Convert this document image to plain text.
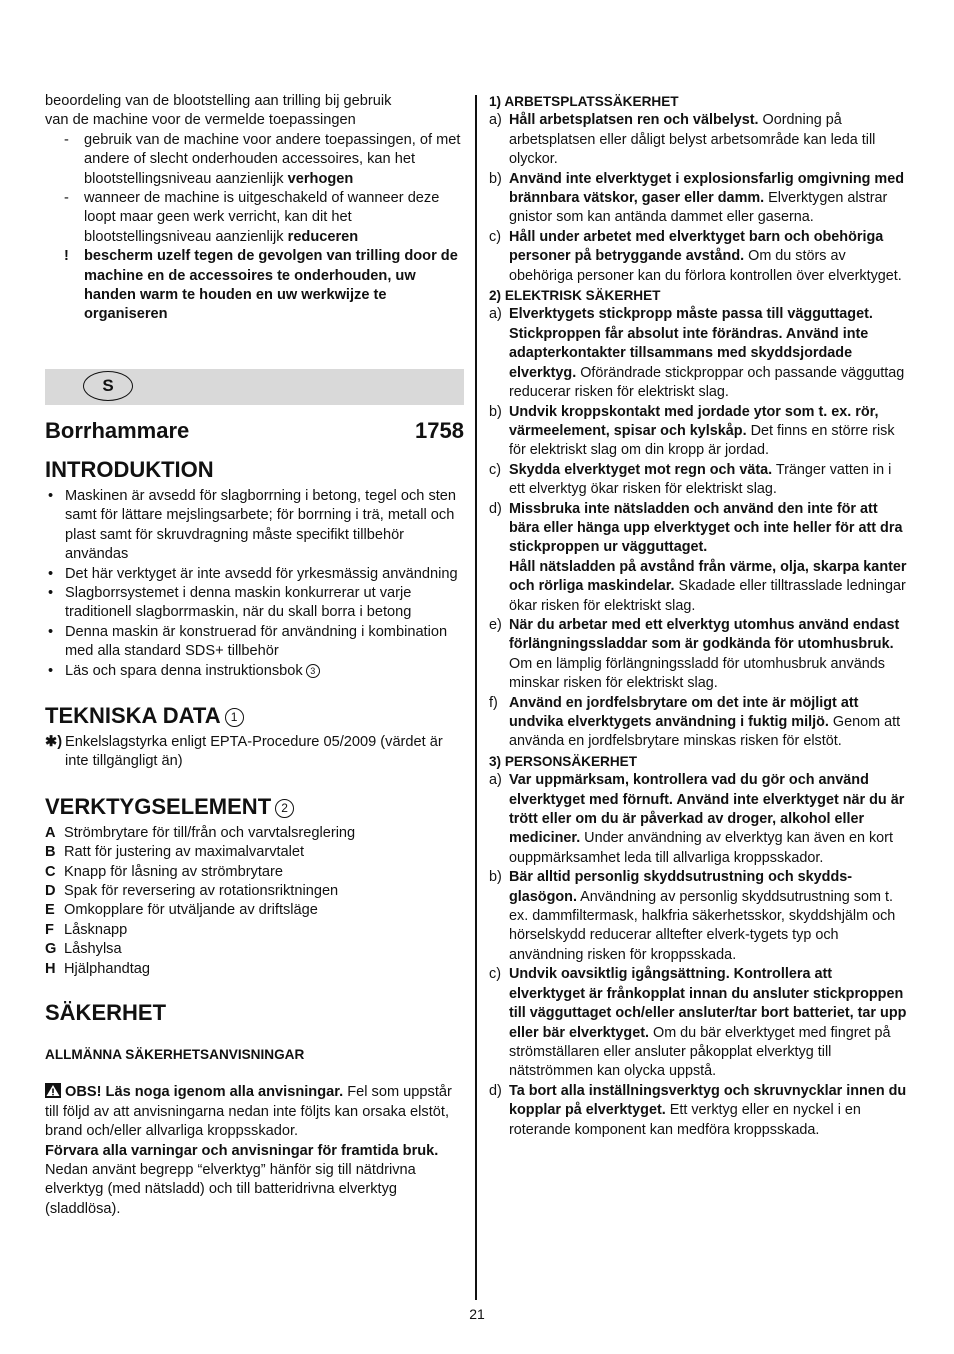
beoordeling van de blootstelling aan trilling bij gebruik
van de machine voor de vermelde toepassingen

-	gebruik van de machine voor andere toepassingen, of met andere of slecht onderhouden accessoires, kan het blootstellingsniveau aanzienlijk verhogen
-	wanneer de machine is uitgeschakeld of wanneer deze loopt maar geen werk verricht, kan dit het blootstellingsniveau aanzienlijk reduceren
!	bescherm uzelf tegen de gevolgen van trilling door de machine en de accessoires te onderhouden, uw handen warm te houden en uw werkwijze te organiseren
S
Borrhammare	1758
INTRODUKTION
• Maskinen är avsedd för slagborrning i betong, tegel och sten samt för lättare mejslingsarbete; för borrning i trä, metall och plast samt för skruvdragning måste specifikt tillbehör användas
• Det här verktyget är inte avsedd för yrkesmässig användning
• Slagborrsystemet i denna maskin konkurrerar ut varje traditionell slagborrmaskin, när du skall borra i betong
• Denna maskin är konstruerad för användning i kombination med alla standard SDS+ tillbehör
• Läs och spara denna instruktionsbok 3
TEKNISKA DATA 1
✱) Enkelslagstyrka enligt EPTA-Procedure 05/2009 (värdet är inte tillgängligt än)
VERKTYGSELEMENT 2
A Strömbrytare för till/från och varvtalsreglering
B Ratt för justering av maximalvarvtalet
C Knapp för låsning av strömbrytare
D Spak för reversering av rotationsriktningen
E Omkopplare för utväljande av driftsläge
F Låsknapp
G Låshylsa
H Hjälphandtag
SÄKERHET

ALLMÄNNA SÄKERHETSANVISNINGAR

OBS! Läs noga igenom alla anvisningar. Fel som uppstår till följd av att anvisningarna nedan inte följts kan orsaka elstöt, brand och/eller allvarliga kroppsskador.

Förvara alla varningar och anvisningar för framtida bruk. Nedan använt begrepp “elverktyg” hänför sig till nätdrivna elverktyg (med nätsladd) och till batteridrivna elverktyg (sladdlösa).

1) ARBETSPLATSSÄKERHET

a) Håll arbetsplatsen ren och välbelyst. Oordning på arbetsplatsen eller dåligt belyst arbetsområde kan leda till olyckor.
b) Använd inte elverktyget i explosionsfarlig omgivning med brännbara vätskor, gaser eller damm. Elverktygen alstrar gnistor som kan antända dammet eller gaserna.
c) Håll under arbetet med elverktyget barn och obehöriga personer på betryggande avstånd. Om du störs av obehöriga personer kan du förlora kontrollen över elverktyget.

2) ELEKTRISK SÄKERHET

a) Elverktygets stickpropp måste passa till vägguttaget. Stickproppen får absolut inte förändras. Använd inte adapterkontakter tillsammans med skyddsjordade elverktyg. Oförändrade stickproppar och passande vägguttag reducerar risken för elektriskt slag.
b) Undvik kroppskontakt med jordade ytor som t. ex. rör, värmeelement, spisar och kylskåp. Det finns en större risk för elektriskt slag om din kropp är jordad.
c) Skydda elverktyget mot regn och väta. Tränger vatten in i ett elverktyg ökar risken för elektriskt slag.
d) Missbruka inte nätsladden och använd den inte för att bära eller hänga upp elverktyget och inte heller för att dra stickproppen ur vägguttaget.
Håll nätsladden på avstånd från värme, olja, skarpa kanter och rörliga maskindelar. Skadade eller tilltrasslade ledningar ökar risken för elektriskt slag.
e) När du arbetar med ett elverktyg utomhus använd endast förlängningssladdar som är godkända för utomhusbruk. Om en lämplig förlängningssladd för utomhusbruk används minskar risken för elektriskt slag.
f) Använd en jordfelsbrytare om det inte är möjligt att undvika elverktygets användning i fuktig miljö. Genom att använda en jordfelsbrytare minskas risken för elstöt.

3) PERSONSÄKERHET

a) Var uppmärksam, kontrollera vad du gör och använd elverktyget med förnuft. Använd inte elverktyget när du är trött eller om du är påverkad av droger, alkohol eller mediciner. Under användning av elverktyg kan även en kort ouppmärksamhet leda till allvarliga kroppsskador.
b) Bär alltid personlig skyddsutrustning och skydds-glasögon. Användning av personlig skyddsutrustning som t. ex. dammfiltermask, halkfria säkerhetsskor, skyddshjälm och hörselskydd reducerar alltefter elverk-tygets typ och användning risken för kroppsskada.
c) Undvik oavsiktlig igångsättning. Kontrollera att elverktyget är frånkopplat innan du ansluter stickproppen till vägguttaget och/eller ansluter/tar bort batteriet, tar upp eller bär elverktyget. Om du bär elverktyget med fingret på strömställaren eller ansluter påkopplat elverktyg till nätströmmen kan olycka uppstå.
d) Ta bort alla inställningsverktyg och skruvnycklar innen du kopplar på elverktyget. Ett verktyg eller en nyckel i en roterande komponent kan medföra kroppsskada.
21
